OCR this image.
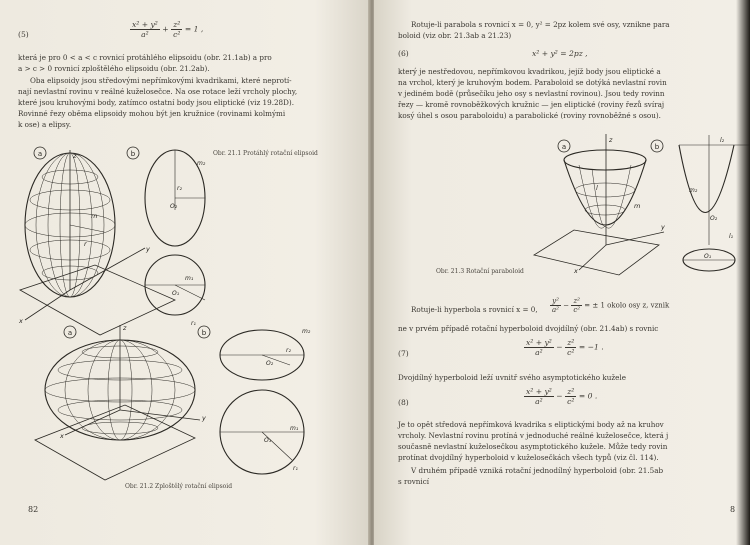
(5)	$\frac{\text{x² + y²}}{\text{a²}} + \frac{\text{z²}}{\text{c²}} = 1$ ,
která je pro 0 < a < c rovnicí protáhlého elipsoidu (obr. 21.1ab) a pro
a > c > 0 rovnicí zploštělého elipsoidu (obr. 21.2ab).
Oba elipsoidy jsou středovými nepřímkovými kvadrikami, které neprotí-
nají nevlastní rovinu v reálné kuželosečce. Na ose rotace leží vrcholy plochy,
které jsou kruhovými body, zatímco ostatní body jsou eliptické (viz 19.28D).
Rovinné řezy oběma elipsoidy mohou být jen kružnice (rovinami kolmými
k ose) a elipsy.
a	b
z
x
y
m
r
m₂
r₂
O₂
m₁
O₁
r₁
Obr. 21.1 Protáhlý rotační elipsoid
a	b
z
x
y
m₂
r₂
O₂
O₁
m₁
r₁
Obr. 21.2 Zploštělý rotační elipsoid
82
Rotuje-li parabola s rovnicí x = 0, y² = 2pz kolem své osy, vznikne para
boloid (viz obr. 21.3ab a 21.23)
(6)	x² + y² = 2pz ,
který je nestředovou, nepřímkovou kvadrikou, jejíž body jsou eliptické a
na vrchol, který je kruhovým bodem. Paraboloid se dotýká nevlastní rovin
v jediném bodě (průsečíku jeho osy s nevlastní rovinou). Jsou tedy rovinn
řezy — kromě rovnoběžkových kružnic — jen eliptické (roviny řezů svíraj
kosý úhel s osou paraboloidu) a parabolické (roviny rovnoběžné s osou).
a	b
z
x
y
m
l
l₂
m₂
O₂
l₁
O₁
Obr. 21.3 Rotační paraboloid
Rotuje-li hyperbola s rovnicí x = 0, $\frac{\text{y²}}{\text{a²}} - \frac{\text{z²}}{\text{c²}}$ = ± 1 okolo osy z, vznik
ne v prvém případě rotační hyperboloid dvojdílný (obr. 21.4ab) s rovnic
(7)	$\frac{\text{x² + y²}}{\text{a²}} - \frac{\text{z²}}{\text{c²}} = -1$ .
Dvojdílný hyperboloid leží uvnitř svého asymptotického kužele
(8)	$\frac{\text{x² + y²}}{\text{a²}} - \frac{\text{z²}}{\text{c²}} = 0$ .
Je to opět středová nepřímková kvadrika s eliptickými body až na kruhov
vrcholy. Nevlastní rovinu protíná v jednoduché reálné kuželosečce, která j
současně nevlastní kuželosečkou asymptotického kužele. Může tedy rovin
protínat dvojdílný hyperboloid v kuželosečkách všech typů (viz čl. 114).
V druhém případě vzniká rotační jednodílný hyperboloid (obr. 21.5ab
s rovnicí
8
